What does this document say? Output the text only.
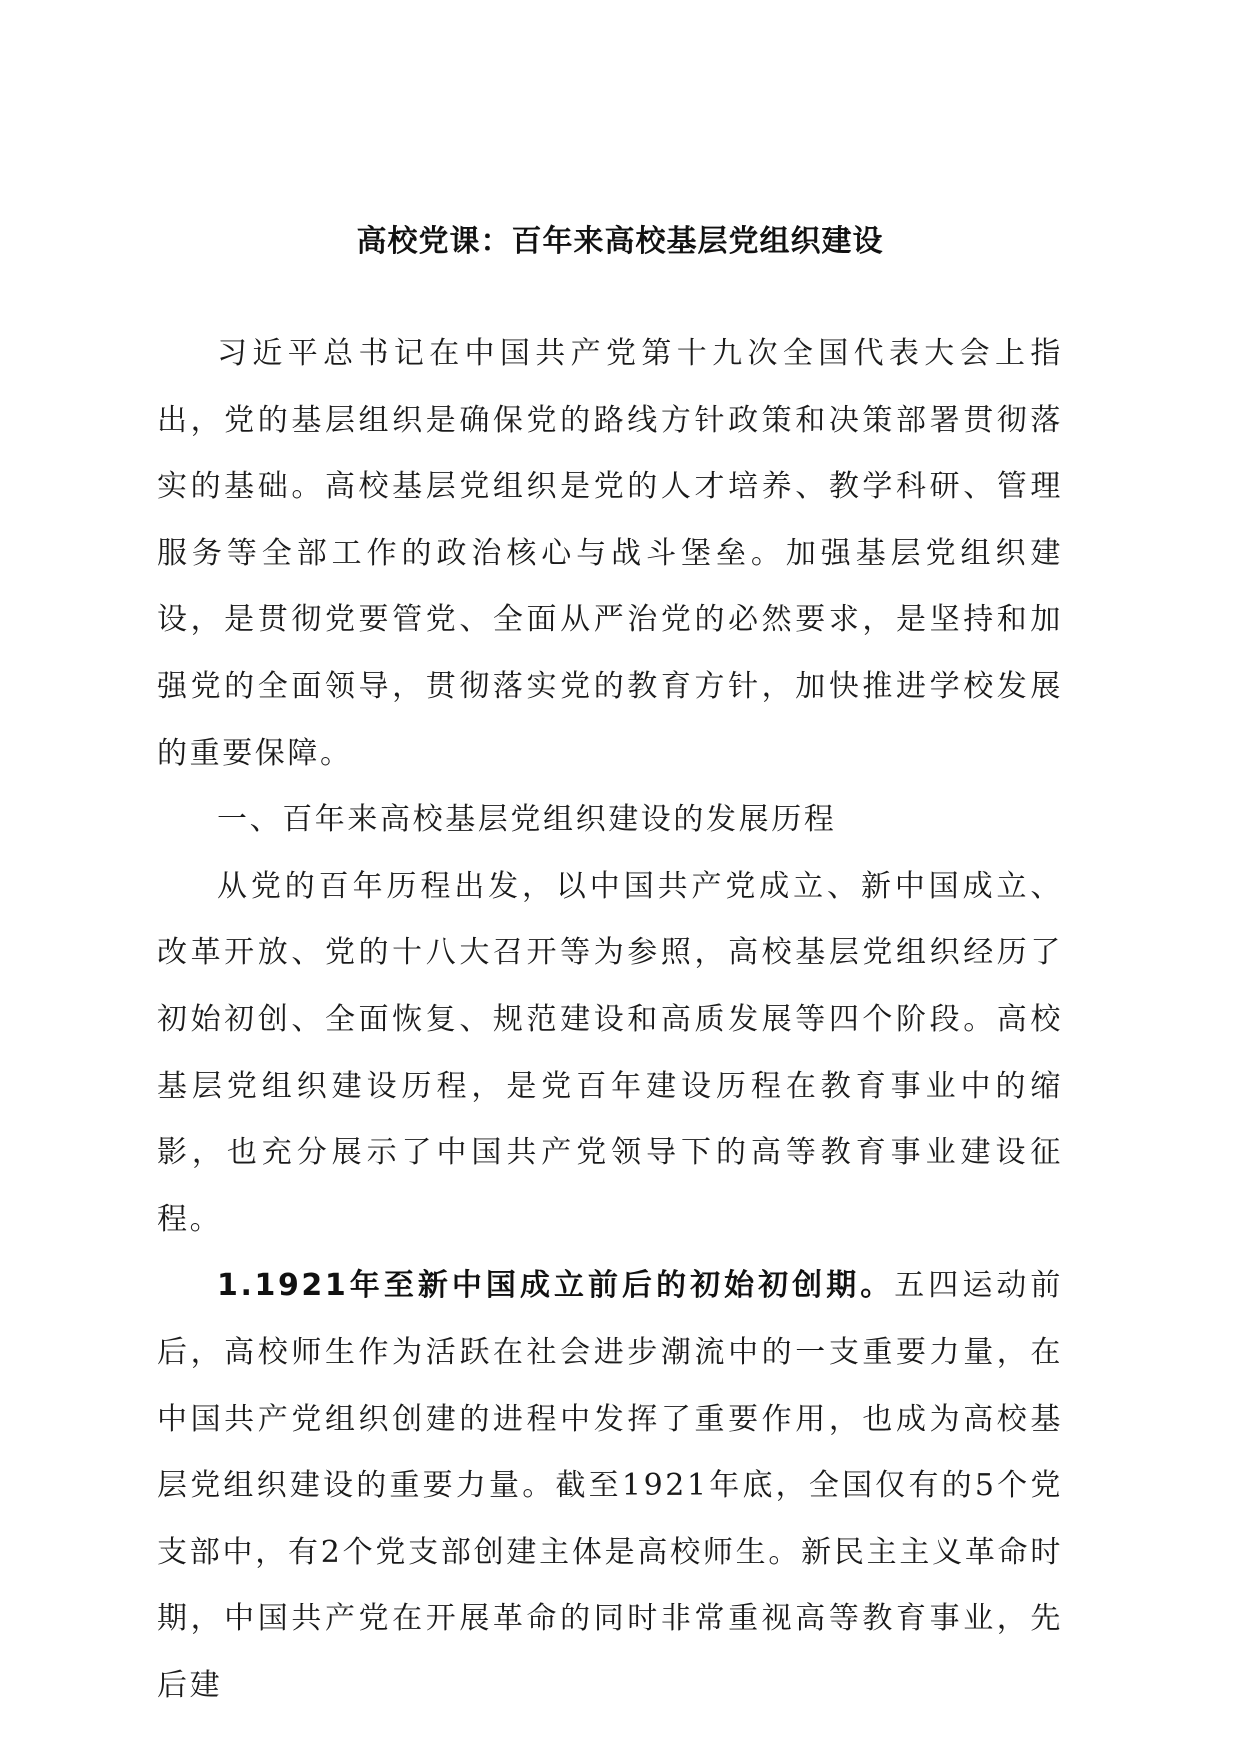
高校党课：百年来高校基层党组织建设

习近平总书记在中国共产党第十九次全国代表大会上指出，党的基层组织是确保党的路线方针政策和决策部署贯彻落实的基础。高校基层党组织是党的人才培养、教学科研、管理服务等全部工作的政治核心与战斗堡垒。加强基层党组织建设，是贯彻党要管党、全面从严治党的必然要求，是坚持和加强党的全面领导，贯彻落实党的教育方针，加快推进学校发展的重要保障。

一、百年来高校基层党组织建设的发展历程

从党的百年历程出发，以中国共产党成立、新中国成立、改革开放、党的十八大召开等为参照，高校基层党组织经历了初始初创、全面恢复、规范建设和高质发展等四个阶段。高校基层党组织建设历程，是党百年建设历程在教育事业中的缩影，也充分展示了中国共产党领导下的高等教育事业建设征程。

1.1921年至新中国成立前后的初始初创期。五四运动前后，高校师生作为活跃在社会进步潮流中的一支重要力量，在中国共产党组织创建的进程中发挥了重要作用，也成为高校基层党组织建设的重要力量。截至1921年底，全国仅有的5个党支部中，有2个党支部创建主体是高校师生。新民主主义革命时期，中国共产党在开展革命的同时非常重视高等教育事业，先后建
